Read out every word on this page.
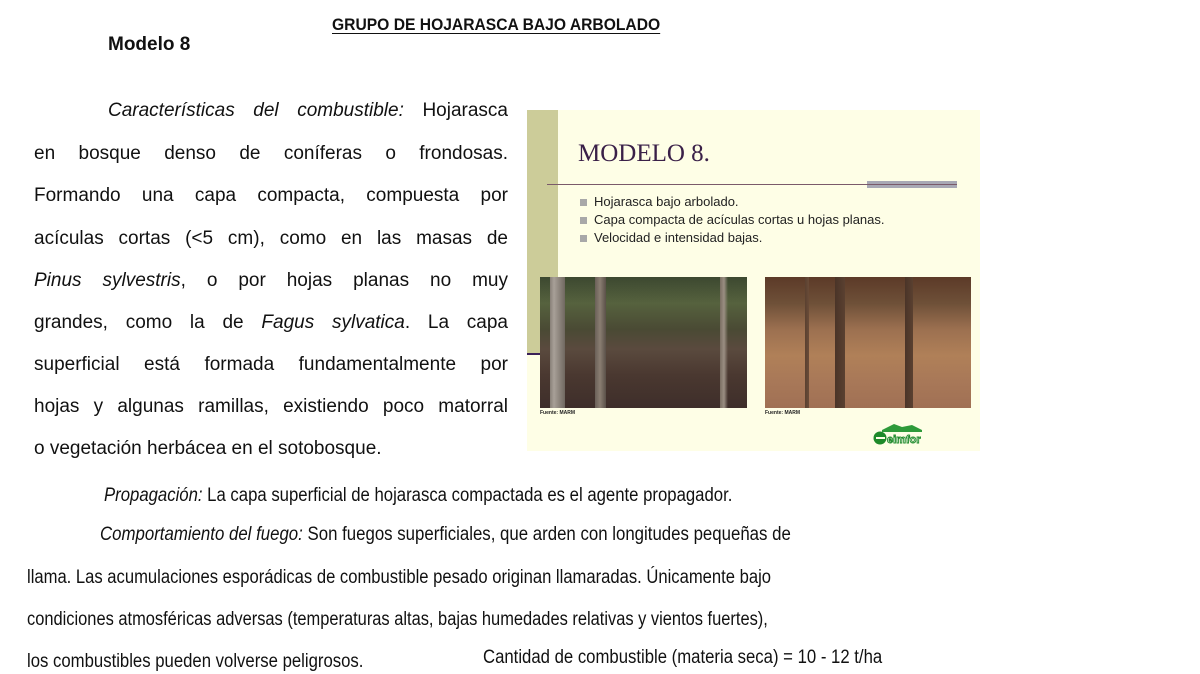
GRUPO DE HOJARASCA BAJO ARBOLADO
Modelo 8
Características del combustible: Hojarasca
en bosque denso de coníferas o frondosas.
Formando una capa compacta, compuesta por
acículas cortas (<5 cm), como en las masas de
Pinus sylvestris, o por hojas planas no muy
grandes, como la de Fagus sylvatica. La capa
superficial está formada fundamentalmente por
hojas y algunas ramillas, existiendo poco matorral
o vegetación herbácea en el sotobosque.
MODELO 8.
Hojarasca bajo arbolado.
Capa compacta de acículas cortas u hojas planas.
Velocidad e intensidad bajas.
Fuente: MARM	Fuente: MARM
eimfor
Propagación: La capa superficial de hojarasca compactada es el agente propagador.
Comportamiento del fuego: Son fuegos superficiales, que arden con longitudes pequeñas de
llama. Las acumulaciones esporádicas de combustible pesado originan llamaradas. Únicamente bajo
condiciones atmosféricas adversas (temperaturas altas, bajas humedades relativas y vientos fuertes),
los combustibles pueden volverse peligrosos.	Cantidad de combustible (materia seca) = 10 - 12 t/ha
